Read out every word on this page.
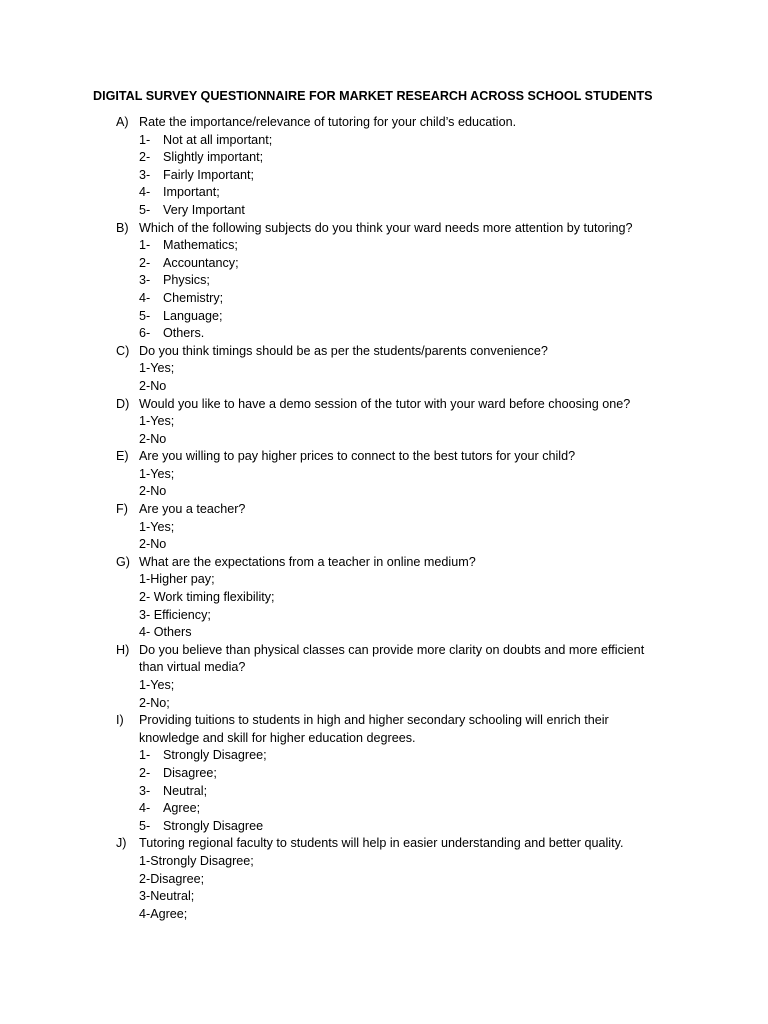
DIGITAL SURVEY QUESTIONNAIRE FOR MARKET RESEARCH ACROSS SCHOOL STUDENTS
A) Rate the importance/relevance of tutoring for your child’s education.
1- Not at all important;
2- Slightly important;
3- Fairly Important;
4- Important;
5- Very Important
B) Which of the following subjects do you think your ward needs more attention by tutoring?
1- Mathematics;
2- Accountancy;
3- Physics;
4- Chemistry;
5- Language;
6- Others.
C) Do you think timings should be as per the students/parents convenience?
1-Yes;
2-No
D) Would you like to have a demo session of the tutor with your ward before choosing one?
1-Yes;
2-No
E) Are you willing to pay higher prices to connect to the best tutors for your child?
1-Yes;
2-No
F) Are you a teacher?
1-Yes;
2-No
G) What are the expectations from a teacher in online medium?
1-Higher pay;
2- Work timing flexibility;
3- Efficiency;
4- Others
H) Do you believe than physical classes can provide more clarity on doubts and more efficient
than virtual media?
1-Yes;
2-No;
I) Providing tuitions to students in high and higher secondary schooling will enrich their
knowledge and skill for higher education degrees.
1- Strongly Disagree;
2- Disagree;
3- Neutral;
4- Agree;
5- Strongly Disagree
J) Tutoring regional faculty to students will help in easier understanding and better quality.
1-Strongly Disagree;
2-Disagree;
3-Neutral;
4-Agree;
